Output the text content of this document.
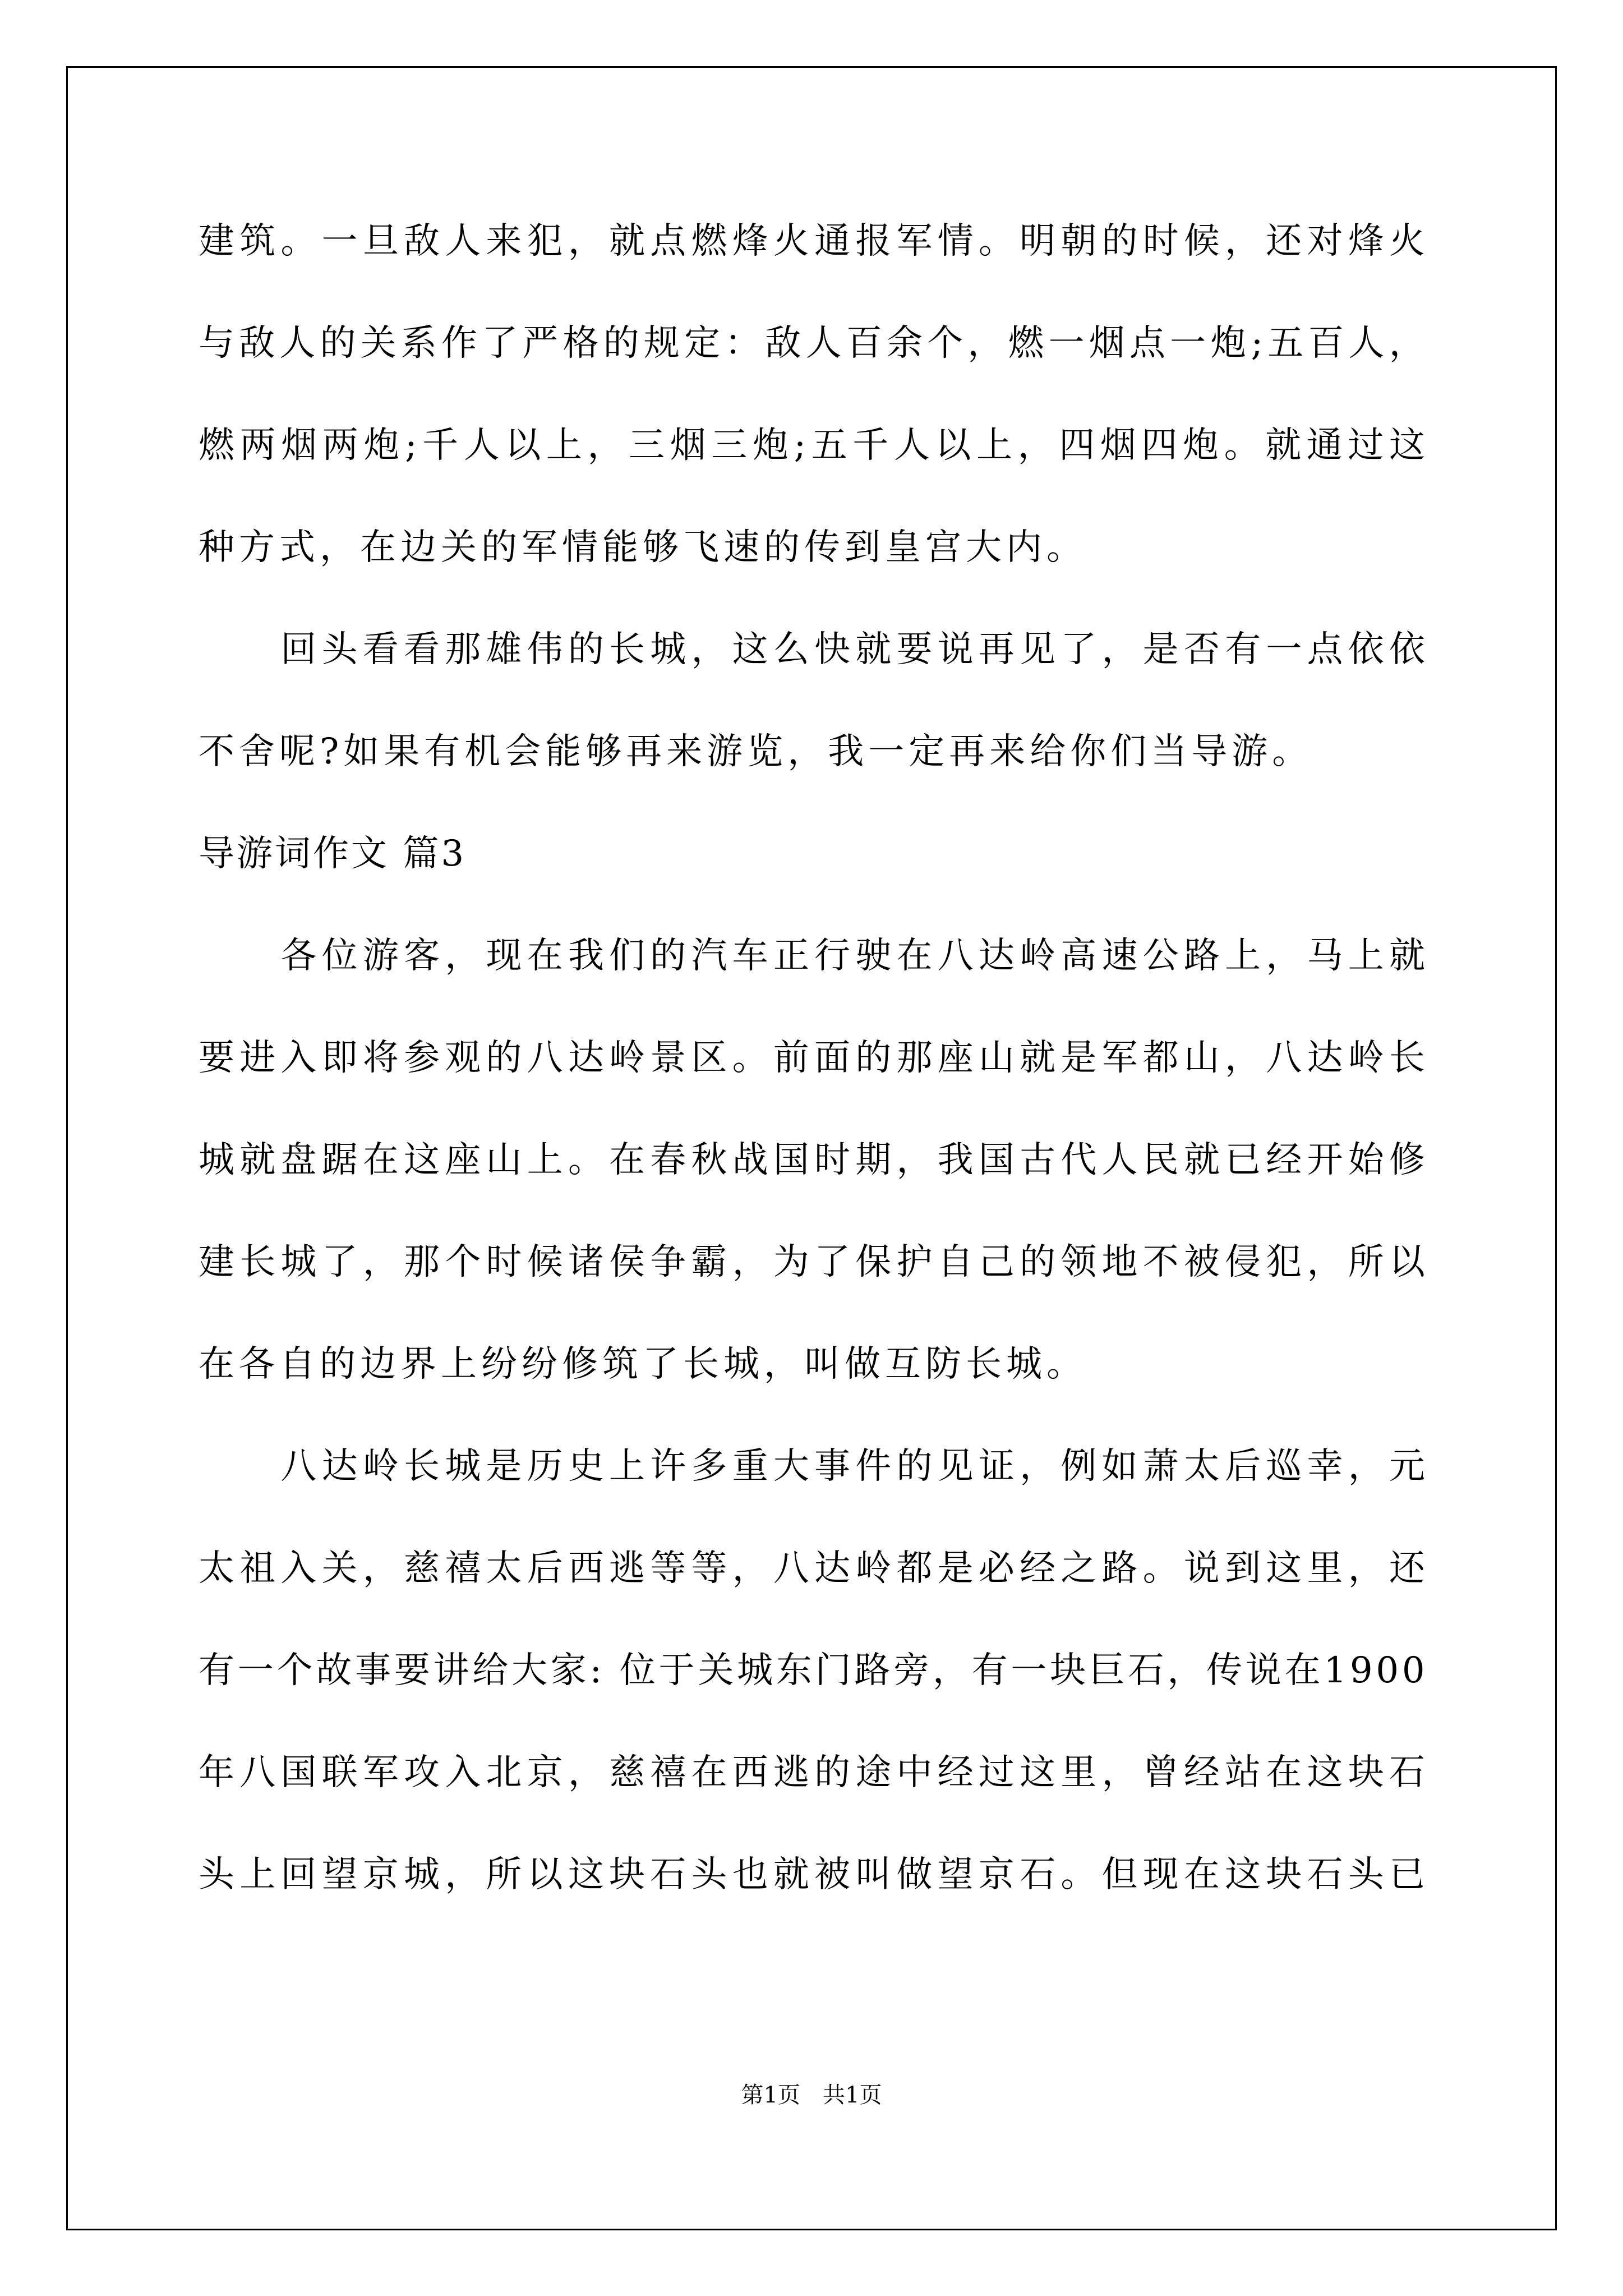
建 筑 。 一 旦 敌 人 来 犯 ， 就 点 燃 烽 火 通 报 军 情 。 明 朝 的 时 候 ， 还 对 烽 火
与 敌 人 的 关 系 作 了 严 格 的 规 定 ： 敌 人 百 余 个 ， 燃 一 烟 点 一 炮 ; 五 百 人 ，
燃 两 烟 两 炮 ; 千 人 以 上 ， 三 烟 三 炮 ; 五 千 人 以 上 ， 四 烟 四 炮 。 就 通 过 这
种方式，在边关的军情能够飞速的传到皇宫大内。

回 头 看 看 那 雄 伟 的 长 城 ， 这 么 快 就 要 说 再 见 了 ， 是 否 有 一 点 依 依
不舍呢?如果有机会能够再来游览，我一定再来给你们当导游。
导游词作文 篇3

各 位 游 客 ， 现 在 我 们 的 汽 车 正 行 驶 在 八 达 岭 高 速 公 路 上 ， 马 上 就
要 进 入 即 将 参 观 的 八 达 岭 景 区 。 前 面 的 那 座 山 就 是 军 都 山 ， 八 达 岭 长
城 就 盘 踞 在 这 座 山 上 。 在 春 秋 战 国 时 期 ， 我 国 古 代 人 民 就 已 经 开 始 修
建 长 城 了 ， 那 个 时 候 诸 侯 争 霸 ， 为 了 保 护 自 己 的 领 地 不 被 侵 犯 ， 所 以
在各自的边界上纷纷修筑了长城，叫做互防长城。

八 达 岭 长 城 是 历 史 上 许 多 重 大 事 件 的 见 证 ， 例 如 萧 太 后 巡 幸 ， 元
太 祖 入 关 ， 慈 禧 太 后 西 逃 等 等 ， 八 达 岭 都 是 必 经 之 路 。 说 到 这 里 ， 还
有 一 个 故 事 要 讲 给 大 家 :
位 于 关 城 东 门 路 旁 ， 有 一 块 巨 石 ， 传 说 在 1 9 0 0
年 八 国 联 军 攻 入 北 京 ， 慈 禧 在 西 逃 的 途 中 经 过 这 里 ， 曾 经 站 在 这 块 石
头 上 回 望 京 城 ， 所 以 这 块 石 头 也 就 被 叫 做 望 京 石 。 但 现 在 这 块 石 头 已
第1页　共1页
